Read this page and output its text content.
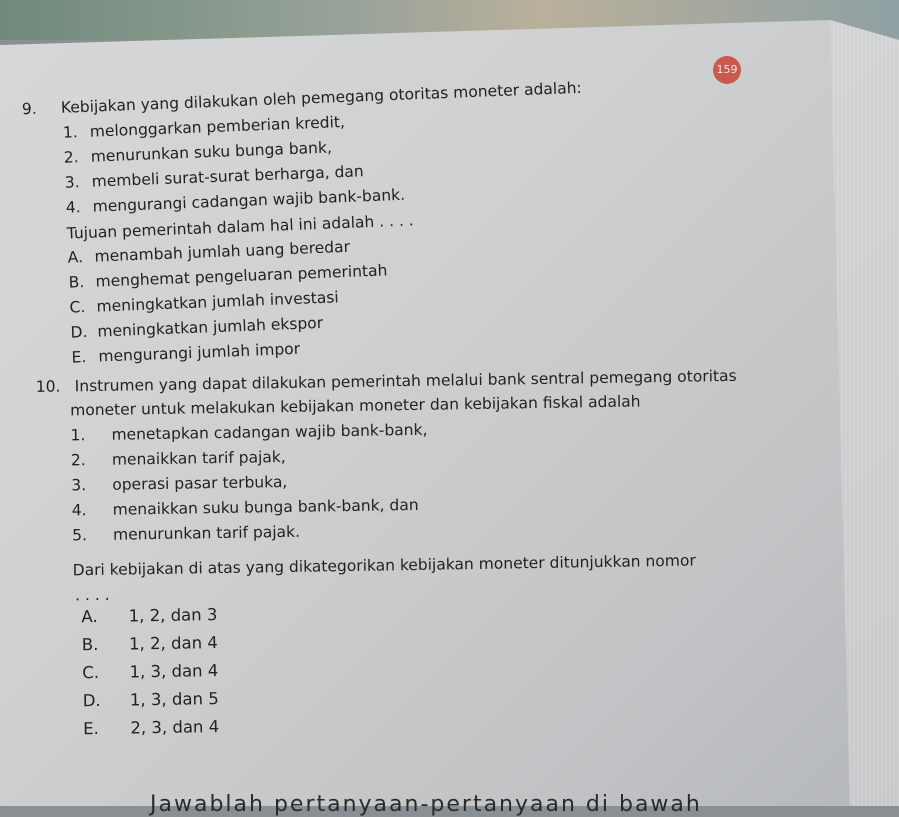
159
9. Kebijakan yang dilakukan oleh pemegang otoritas moneter adalah:
1. melonggarkan pemberian kredit,
2. menurunkan suku bunga bank,
3. membeli surat-surat berharga, dan
4. mengurangi cadangan wajib bank-bank.
Tujuan pemerintah dalam hal ini adalah . . . .
A. menambah jumlah uang beredar
B. menghemat pengeluaran pemerintah
C. meningkatkan jumlah investasi
D. meningkatkan jumlah ekspor
E. mengurangi jumlah impor
10. Instrumen yang dapat dilakukan pemerintah melalui bank sentral pemegang otoritas
moneter untuk melakukan kebijakan moneter dan kebijakan fiskal adalah
1. menetapkan cadangan wajib bank-bank,
2. menaikkan tarif pajak,
3. operasi pasar terbuka,
4. menaikkan suku bunga bank-bank, dan
5. menurunkan tarif pajak.
Dari kebijakan di atas yang dikategorikan kebijakan moneter ditunjukkan nomor
. . . .
A. 1, 2, dan 3
B. 1, 2, dan 4
C. 1, 3, dan 4
D. 1, 3, dan 5
E. 2, 3, dan 4
Jawablah pertanyaan-pertanyaan di bawah
